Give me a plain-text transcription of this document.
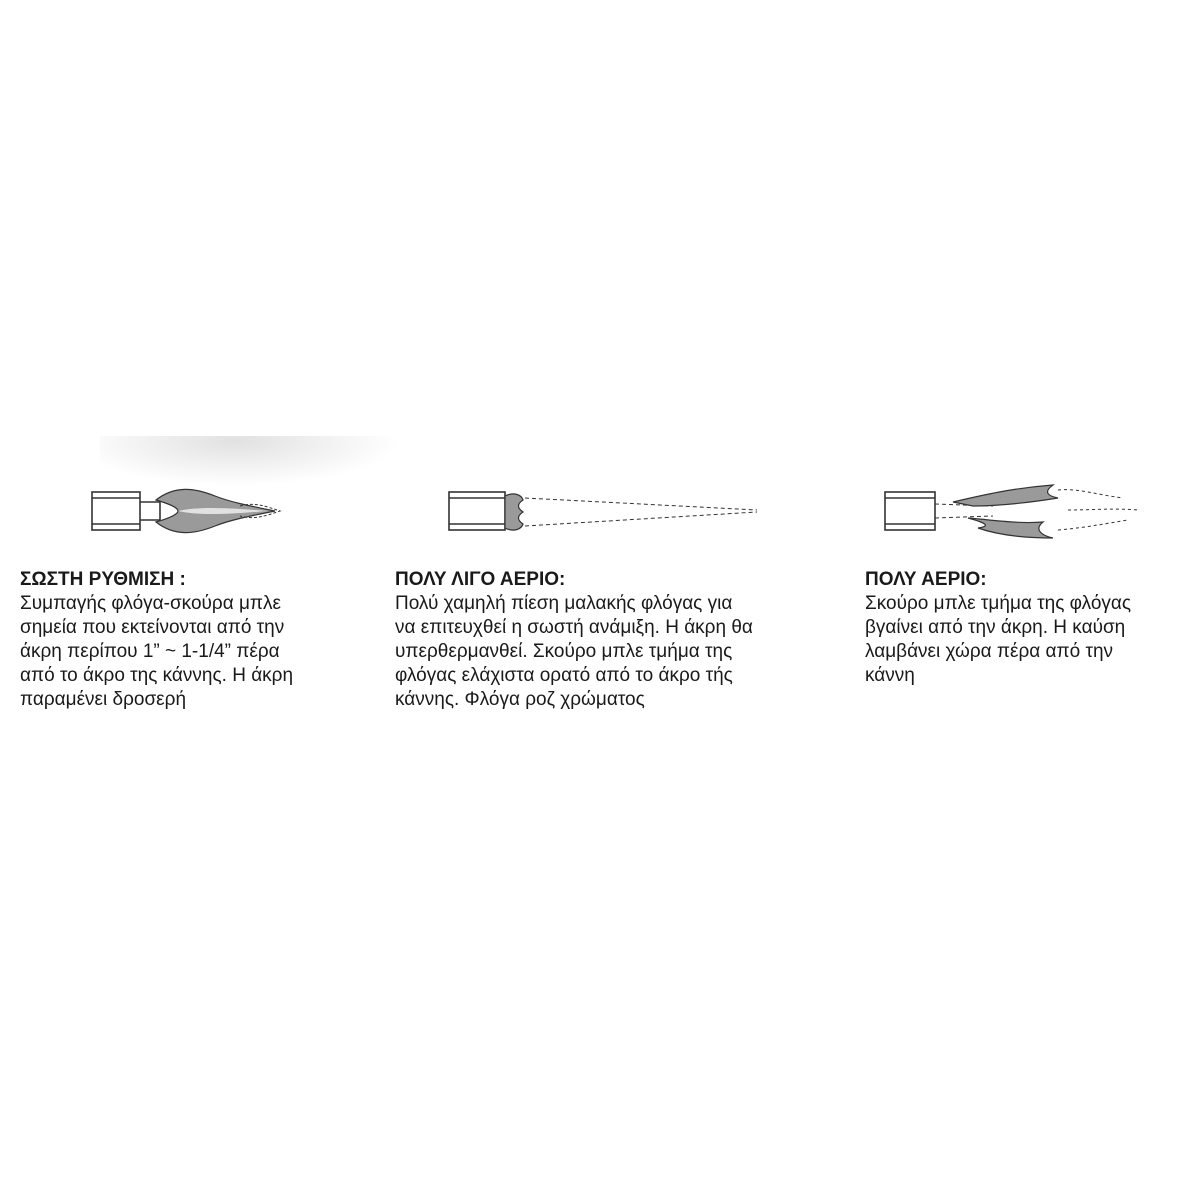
ΣΩΣΤΗ ΡΥΘΜΙΣΗ :

Συμπαγής φλόγα-σκούρα μπλε

σημεία που εκτείνονται από την

άκρη περίπου 1” ~ 1-1/4” πέρα

από το άκρο της κάννης. Η άκρη

παραμένει δροσερή

ΠΟΛΥ ΛΙΓΟ ΑΕΡΙΟ:

Πολύ χαμηλή πίεση μαλακής φλόγας για

να επιτευχθεί η σωστή ανάμιξη. Η άκρη θα

υπερθερμανθεί. Σκούρο μπλε τμήμα της

φλόγας ελάχιστα ορατό από το άκρο τής

κάννης. Φλόγα ροζ χρώματος

ΠΟΛΥ ΑΕΡΙΟ:

Σκούρο μπλε τμήμα της φλόγας

βγαίνει από την άκρη. Η καύση

λαμβάνει χώρα πέρα από την

κάννη
